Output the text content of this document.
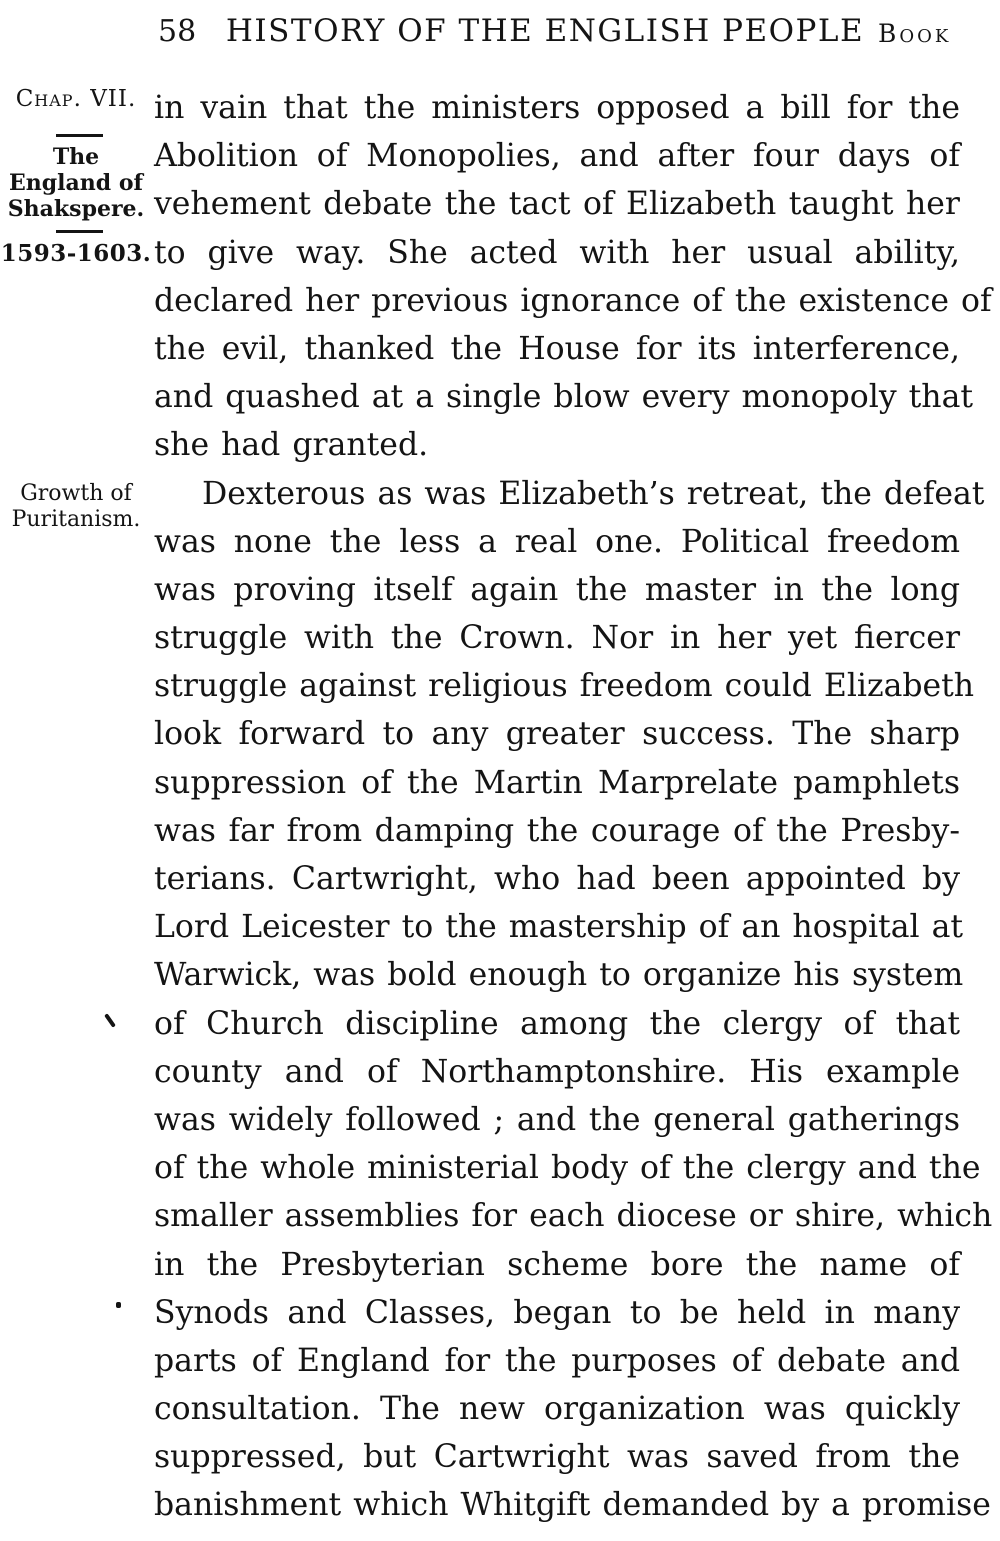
58 HISTORY OF THE ENGLISH PEOPLE Book
Chap. VII.
The
England of
Shakspere.
1593-1603.
Growth of
Puritanism.
in vain that the ministers opposed a bill for the
Abolition of Monopolies, and after four days of
vehement debate the tact of Elizabeth taught her
to give way. She acted with her usual ability,
declared her previous ignorance of the existence of
the evil, thanked the House for its interference,
and quashed at a single blow every monopoly that
she had granted.
Dexterous as was Elizabeth’s retreat, the defeat
was none the less a real one. Political freedom
was proving itself again the master in the long
struggle with the Crown. Nor in her yet fiercer
struggle against religious freedom could Elizabeth
look forward to any greater success. The sharp
suppression of the Martin Marprelate pamphlets
was far from damping the courage of the Presby-
terians. Cartwright, who had been appointed by
Lord Leicester to the mastership of an hospital at
Warwick, was bold enough to organize his system
of Church discipline among the clergy of that
county and of Northamptonshire. His example
was widely followed ; and the general gatherings
of the whole ministerial body of the clergy and the
smaller assemblies for each diocese or shire, which
in the Presbyterian scheme bore the name of
Synods and Classes, began to be held in many
parts of England for the purposes of debate and
consultation. The new organization was quickly
suppressed, but Cartwright was saved from the
banishment which Whitgift demanded by a promise
